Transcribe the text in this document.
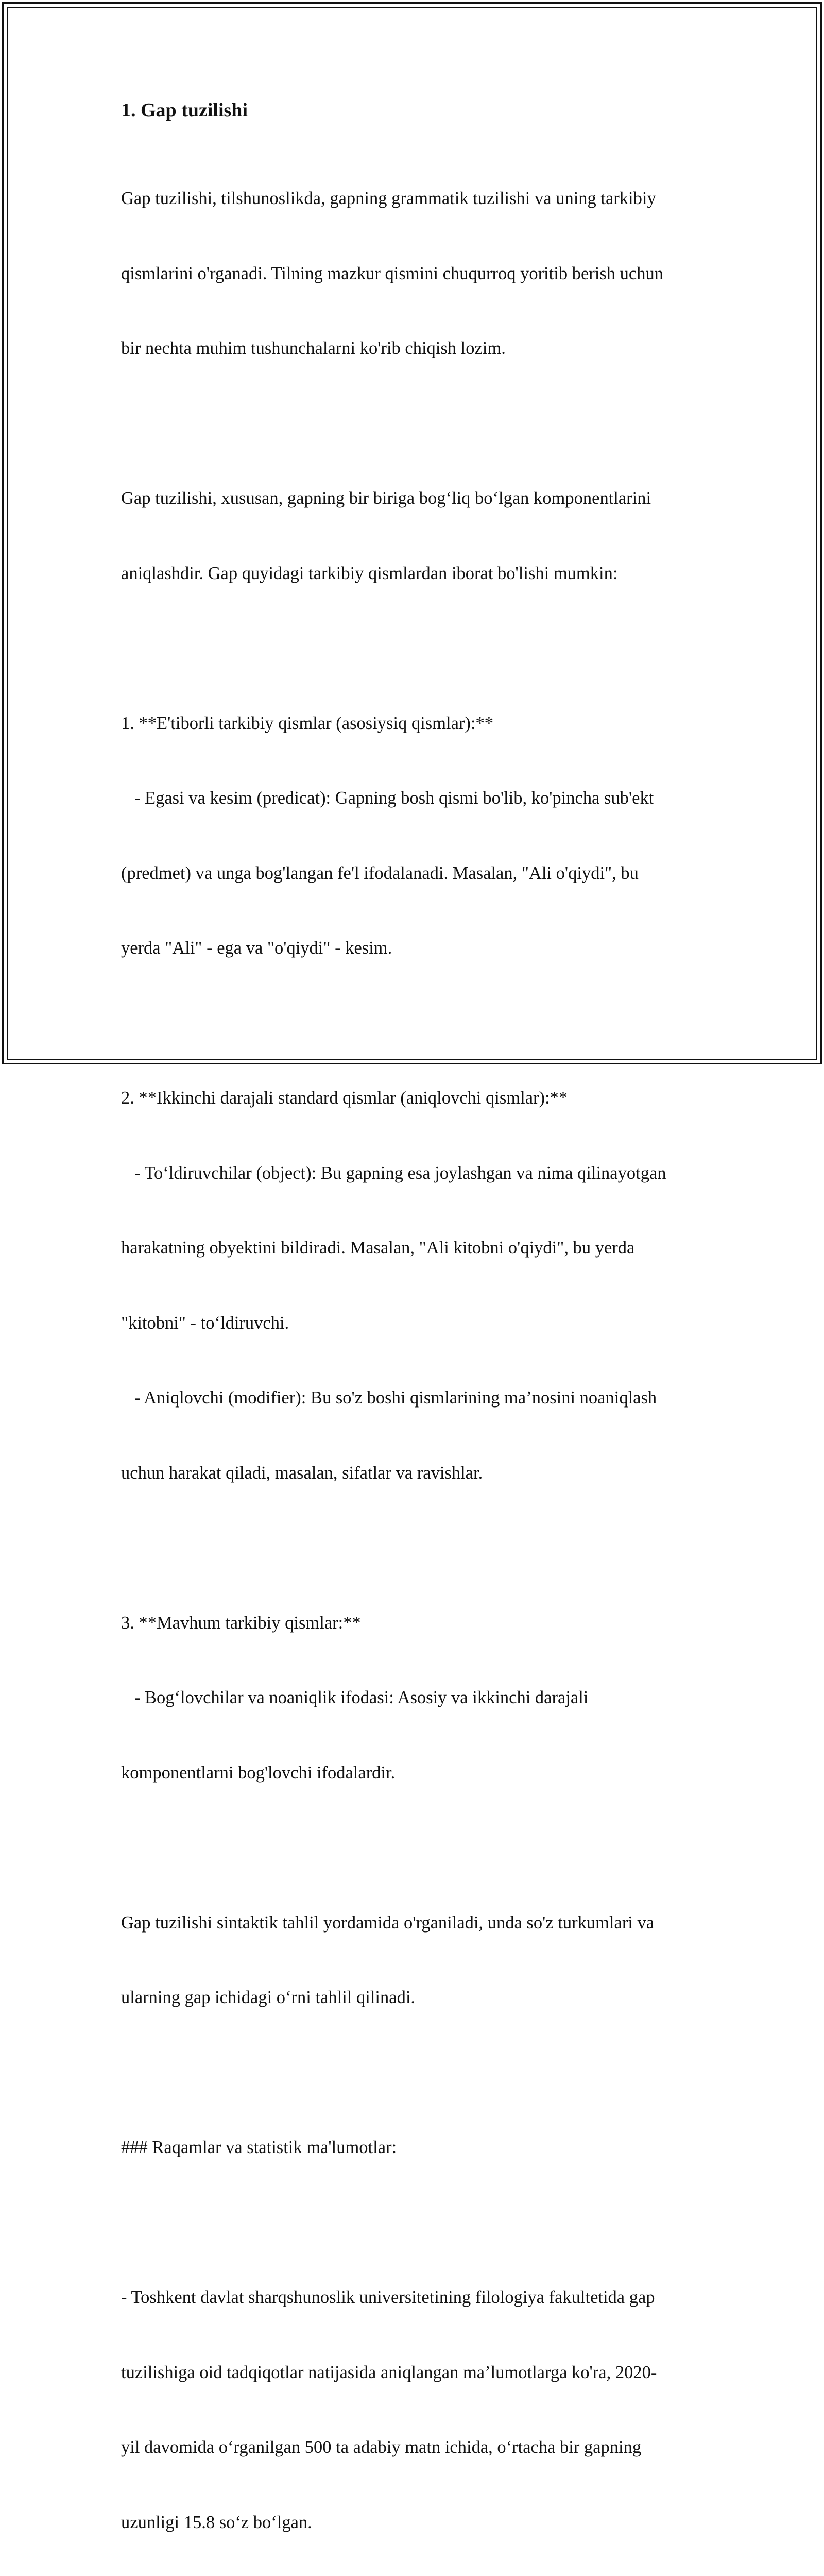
1. Gap tuzilishi

Gap tuzilishi, tilshunoslikda, gapning grammatik tuzilishi va uning tarkibiy

qismlarini o'rganadi. Tilning mazkur qismini chuqurroq yoritib berish uchun

bir nechta muhim tushunchalarni ko'rib chiqish lozim.

Gap tuzilishi, xususan, gapning bir biriga bog‘liq bo‘lgan komponentlarini

aniqlashdir. Gap quyidagi tarkibiy qismlardan iborat bo'lishi mumkin:

1. **E'tiborli tarkibiy qismlar (asosiysiq qismlar):**

- Egasi va kesim (predicat): Gapning bosh qismi bo'lib, ko'pincha sub'ekt

(predmet) va unga bog'langan fe'l ifodalanadi. Masalan, "Ali o'qiydi", bu

yerda "Ali" - ega va "o'qiydi" - kesim.

2. **Ikkinchi darajali standard qismlar (aniqlovchi qismlar):**

- To‘ldiruvchilar (object): Bu gapning esa joylashgan va nima qilinayotgan

harakatning obyektini bildiradi. Masalan, "Ali kitobni o'qiydi", bu yerda

"kitobni" - to‘ldiruvchi.

- Aniqlovchi (modifier): Bu so'z boshi qismlarining ma’nosini noaniqlash

uchun harakat qiladi, masalan, sifatlar va ravishlar.

3. **Mavhum tarkibiy qismlar:**

- Bog‘lovchilar va noaniqlik ifodasi: Asosiy va ikkinchi darajali

komponentlarni bog'lovchi ifodalardir.

Gap tuzilishi sintaktik tahlil yordamida o'rganiladi, unda so'z turkumlari va

ularning gap ichidagi o‘rni tahlil qilinadi.

### Raqamlar va statistik ma'lumotlar:

- Toshkent davlat sharqshunoslik universitetining filologiya fakultetida gap

tuzilishiga oid tadqiqotlar natijasida aniqlangan ma’lumotlarga ko'ra, 2020-

yil davomida o‘rganilgan 500 ta adabiy matn ichida, o‘rtacha bir gapning

uzunligi 15.8 so‘z bo‘lgan.
